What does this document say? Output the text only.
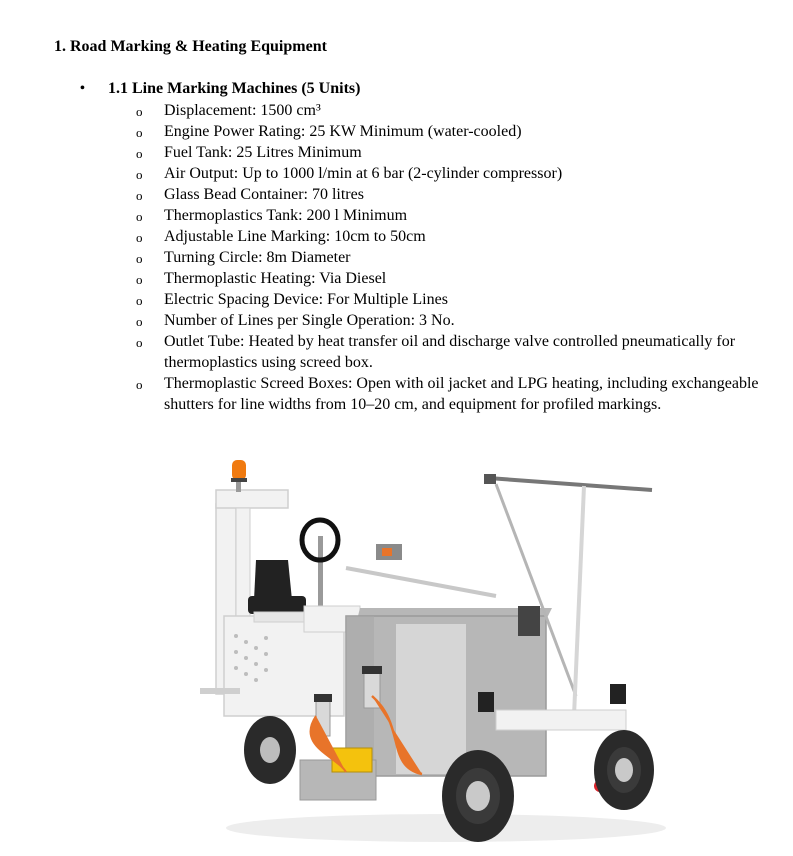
1. Road Marking & Heating Equipment
• 1.1 Line Marking Machines (5 Units)
o Displacement: 1500 cm³
o Engine Power Rating: 25 KW Minimum (water-cooled)
o Fuel Tank: 25 Litres Minimum
o Air Output: Up to 1000 l/min at 6 bar (2-cylinder compressor)
o Glass Bead Container: 70 litres
o Thermoplastics Tank: 200 l Minimum
o Adjustable Line Marking: 10cm to 50cm
o Turning Circle: 8m Diameter
o Thermoplastic Heating: Via Diesel
o Electric Spacing Device: For Multiple Lines
o Number of Lines per Single Operation: 3 No.
o Outlet Tube: Heated by heat transfer oil and discharge valve controlled pneumatically for thermoplastics using screed box.
o Thermoplastic Screed Boxes: Open with oil jacket and LPG heating, including exchangeable shutters for line widths from 10–20 cm, and equipment for profiled markings.
